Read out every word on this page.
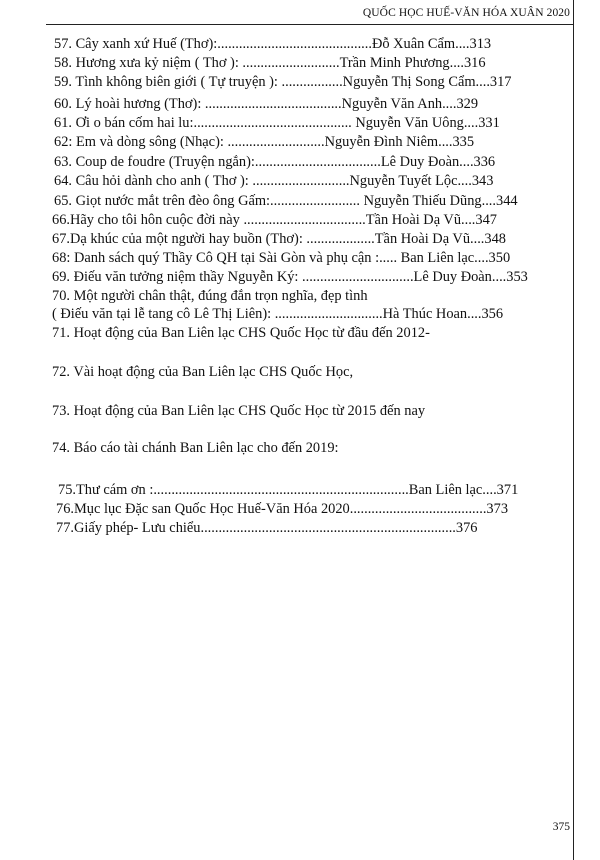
QUỐC HỌC HUẾ-VĂN HÓA XUÂN 2020
57. Cây xanh xứ Huế (Thơ):...........................................Đỗ Xuân Cẩm....313
58. Hương xưa kỷ niệm ( Thơ ): ...........................Trần Minh Phương....316
59. Tình không biên giới ( Tự truyện ): .................Nguyễn Thị Song Cẩm....317
60. Lý hoài hương (Thơ): ......................................Nguyễn Văn Anh....329
61. Ơi o bán cốm hai lu:............................................ Nguyễn Văn Uông....331
62: Em và dòng sông (Nhạc): ...........................Nguyễn Đình Niêm....335
63. Coup de foudre (Truyện ngắn):...................................Lê Duy Đoàn....336
64. Câu hỏi dành cho anh ( Thơ ): ...........................Nguyễn Tuyết Lộc....343
65. Giọt nước mắt trên đèo ông Gấm:......................... Nguyễn Thiếu Dũng....344
66.Hãy cho tôi hôn cuộc đời này ..................................Tần Hoài Dạ Vũ....347
67.Dạ khúc của một người hay buồn (Thơ): ...................Tần Hoài Dạ Vũ....348
68: Danh sách quý Thầy Cô QH tại Sài Gòn và phụ cận :..... Ban Liên lạc....350
69. Điếu văn tưởng niệm thầy Nguyễn Ký: ...............................Lê Duy Đoàn....353
70. Một người chân thật, đúng đắn trọn nghĩa, đẹp tình
( Điếu văn tại lễ tang cô Lê Thị Liên): ..............................Hà Thúc Hoan....356
71. Hoạt động của Ban Liên lạc CHS Quốc Học từ đầu đến 2012-
72. Vài hoạt động của Ban Liên lạc CHS Quốc Học,
73. Hoạt động của Ban Liên lạc CHS Quốc Học từ 2015 đến nay
74. Báo cáo tài chánh Ban Liên lạc cho đến 2019:
75.Thư cám ơn :.......................................................................Ban Liên lạc....371
76.Mục lục Đặc san Quốc Học Huế-Văn Hóa 2020......................................373
77.Giấy phép- Lưu chiểu.......................................................................376
375
